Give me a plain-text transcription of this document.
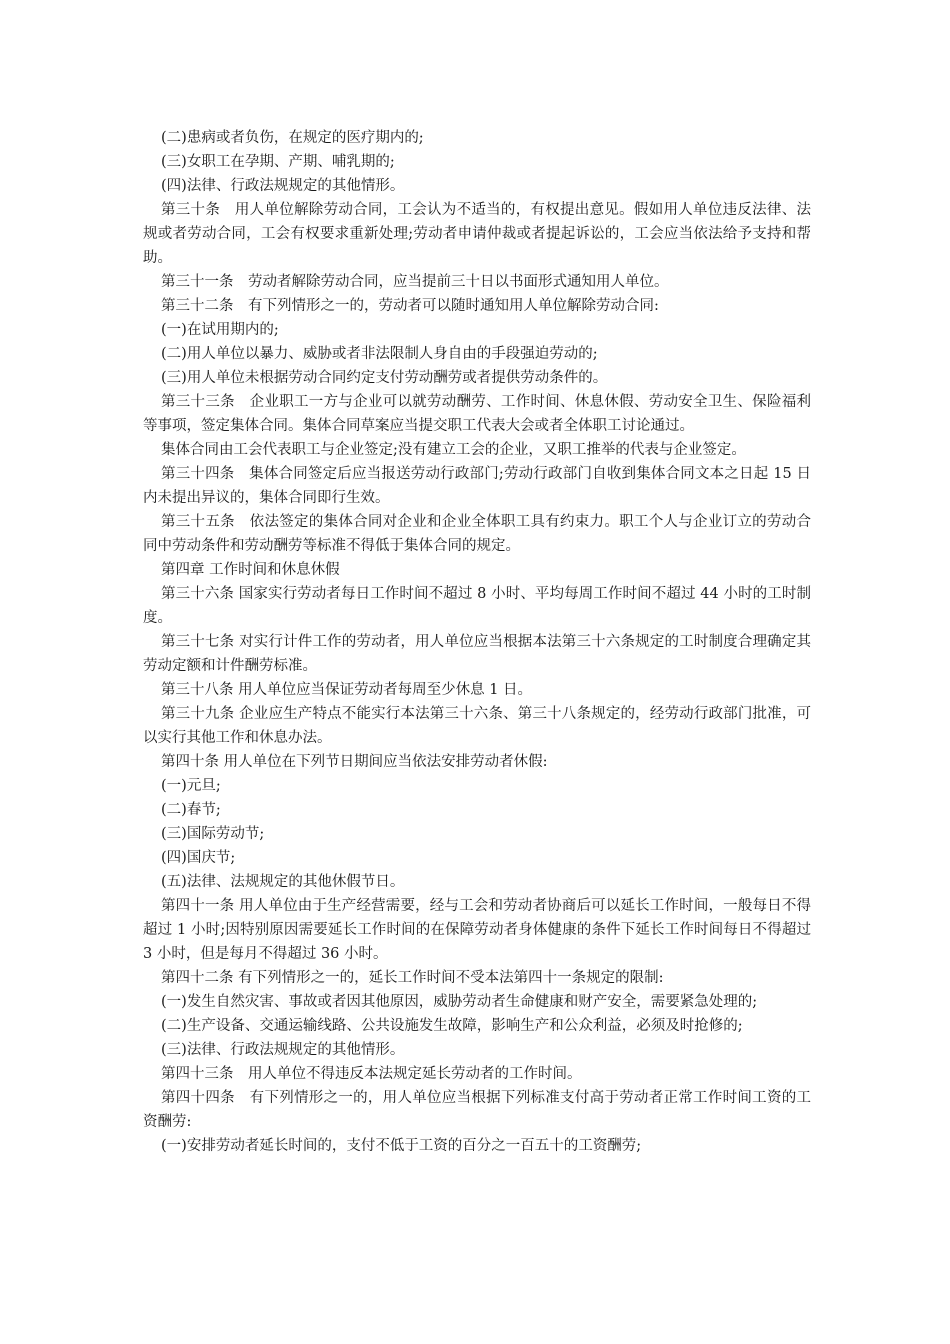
(二)患病或者负伤，在规定的医疗期内的;

(三)女职工在孕期、产期、哺乳期的;

(四)法律、行政法规规定的其他情形。

第三十条　用人单位解除劳动合同，工会认为不适当的，有权提出意见。假如用人单位违反法律、法规或者劳动合同，工会有权要求重新处理;劳动者申请仲裁或者提起诉讼的，工会应当依法给予支持和帮助。

第三十一条　劳动者解除劳动合同，应当提前三十日以书面形式通知用人单位。

第三十二条　有下列情形之一的，劳动者可以随时通知用人单位解除劳动合同:

(一)在试用期内的;

(二)用人单位以暴力、威胁或者非法限制人身自由的手段强迫劳动的;

(三)用人单位未根据劳动合同约定支付劳动酬劳或者提供劳动条件的。

第三十三条　企业职工一方与企业可以就劳动酬劳、工作时间、休息休假、劳动安全卫生、保险福利等事项，签定集体合同。集体合同草案应当提交职工代表大会或者全体职工讨论通过。

集体合同由工会代表职工与企业签定;没有建立工会的企业，又职工推举的代表与企业签定。

第三十四条　集体合同签定后应当报送劳动行政部门;劳动行政部门自收到集体合同文本之日起 15 日内未提出异议的，集体合同即行生效。

第三十五条　依法签定的集体合同对企业和企业全体职工具有约束力。职工个人与企业订立的劳动合同中劳动条件和劳动酬劳等标准不得低于集体合同的规定。

第四章 工作时间和休息休假

第三十六条 国家实行劳动者每日工作时间不超过 8 小时、平均每周工作时间不超过 44 小时的工时制度。

第三十七条 对实行计件工作的劳动者，用人单位应当根据本法第三十六条规定的工时制度合理确定其劳动定额和计件酬劳标准。

第三十八条 用人单位应当保证劳动者每周至少休息 1 日。

第三十九条 企业应生产特点不能实行本法第三十六条、第三十八条规定的，经劳动行政部门批准，可以实行其他工作和休息办法。

第四十条 用人单位在下列节日期间应当依法安排劳动者休假:

(一)元旦;

(二)春节;

(三)国际劳动节;

(四)国庆节;

(五)法律、法规规定的其他休假节日。

第四十一条 用人单位由于生产经营需要，经与工会和劳动者协商后可以延长工作时间，一般每日不得超过 1 小时;因特别原因需要延长工作时间的在保障劳动者身体健康的条件下延长工作时间每日不得超过 3 小时，但是每月不得超过 36 小时。

第四十二条 有下列情形之一的，延长工作时间不受本法第四十一条规定的限制:

(一)发生自然灾害、事故或者因其他原因，威胁劳动者生命健康和财产安全，需要紧急处理的;

(二)生产设备、交通运输线路、公共设施发生故障，影响生产和公众利益，必须及时抢修的;

(三)法律、行政法规规定的其他情形。

第四十三条　用人单位不得违反本法规定延长劳动者的工作时间。

第四十四条　有下列情形之一的，用人单位应当根据下列标准支付高于劳动者正常工作时间工资的工资酬劳:

(一)安排劳动者延长时间的，支付不低于工资的百分之一百五十的工资酬劳;
